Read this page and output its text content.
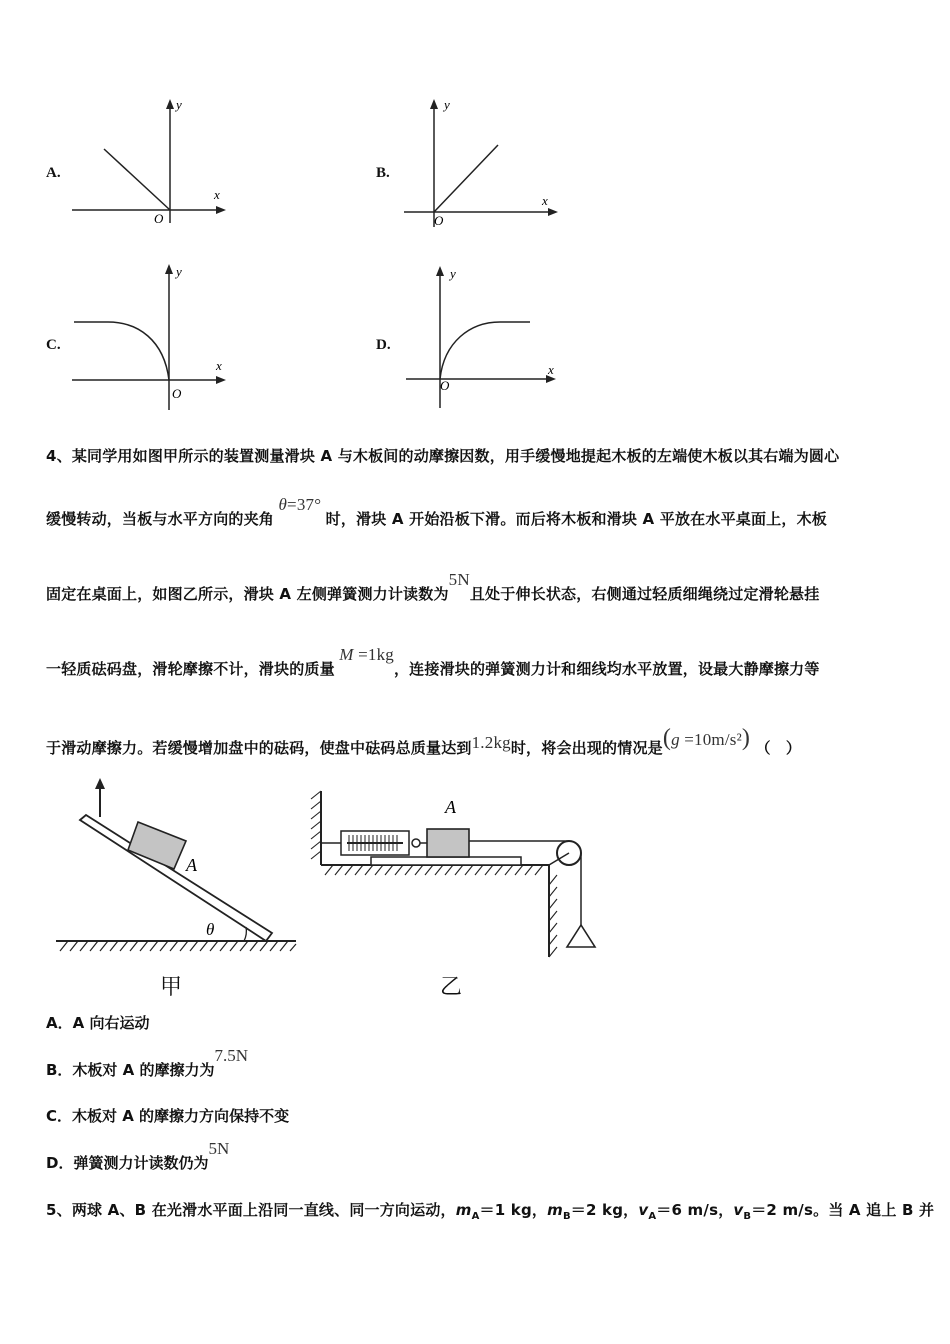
A.
y
x
O
B.
y
x
O
C.
y
x
O
D.
y
x
O
4、某同学用如图甲所示的装置测量滑块 A 与木板间的动摩擦因数，用手缓慢地提起木板的左端使木板以其右端为圆心
缓慢转动，当板与水平方向的夹角 θ=37° 时，滑块 A 开始沿板下滑。而后将木板和滑块 A 平放在水平桌面上，木板
固定在桌面上，如图乙所示，滑块 A 左侧弹簧测力计读数为5N且处于伸长状态，右侧通过轻质细绳绕过定滑轮悬挂
一轻质砝码盘，滑轮摩擦不计，滑块的质量 M =1kg，连接滑块的弹簧测力计和细线均水平放置，设最大静摩擦力等
于滑动摩擦力。若缓慢增加盘中的砝码，使盘中砝码总质量达到1.2kg时，将会出现的情况是(g =10m/s²) （　）
A
θ
甲
A
乙
A．A 向右运动
B．木板对 A 的摩擦力为7.5N
C．木板对 A 的摩擦力方向保持不变
D．弹簧测力计读数仍为5N
5、两球 A、B 在光滑水平面上沿同一直线、同一方向运动，$m_A=1$ kg，$m_B=2$ kg，$v_A=6$ m/s，$v_B=2$ m/s。当 A 追上 B 并
